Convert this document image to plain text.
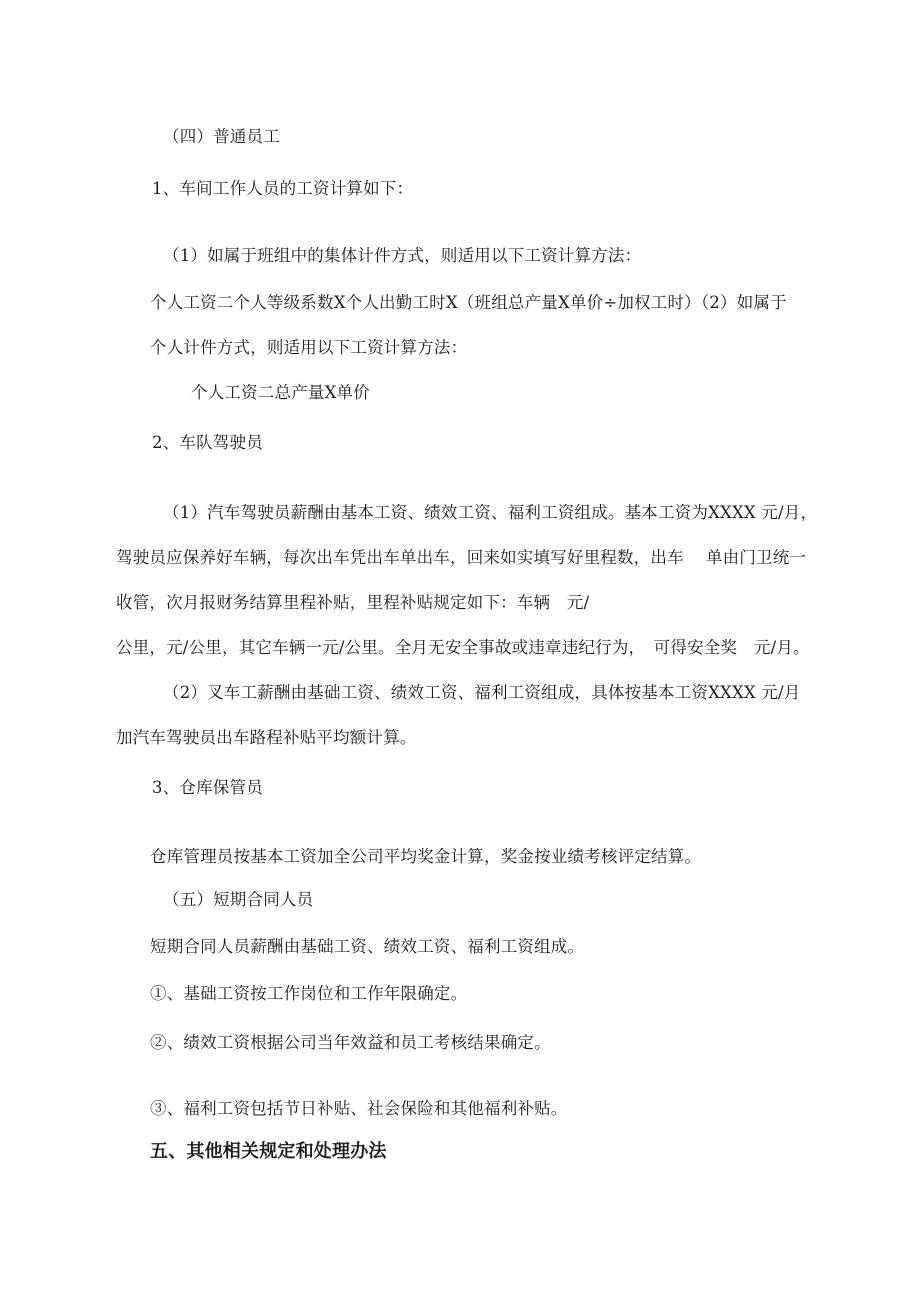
（四）普通员工
1、车间工作人员的工资计算如下：
（1）如属于班组中的集体计件方式，则适用以下工资计算方法：
个人工资二个人等级系数X个人出勤工时X（班组总产量X单价÷加权工时）（2）如属于
个人计件方式，则适用以下工资计算方法：
个人工资二总产量X单价
2、车队驾驶员
（1）汽车驾驶员薪酬由基本工资、绩效工资、福利工资组成。基本工资为XXXX 元/月，
驾驶员应保养好车辆，每次出车凭出车单出车，回来如实填写好里程数，出车　 单由门卫统一
收管，次月报财务结算里程补贴，里程补贴规定如下：车辆　元/
公里，元/公里，其它车辆一元/公里。全月无安全事故或违章违纪行为，　可得安全奖　元/月。
（2）叉车工薪酬由基础工资、绩效工资、福利工资组成，具体按基本工资XXXX 元/月
加汽车驾驶员出车路程补贴平均额计算。
3、仓库保管员
仓库管理员按基本工资加全公司平均奖金计算，奖金按业绩考核评定结算。
（五）短期合同人员
短期合同人员薪酬由基础工资、绩效工资、福利工资组成。
①、基础工资按工作岗位和工作年限确定。
②、绩效工资根据公司当年效益和员工考核结果确定。
③、福利工资包括节日补贴、社会保险和其他福利补贴。
五、其他相关规定和处理办法
